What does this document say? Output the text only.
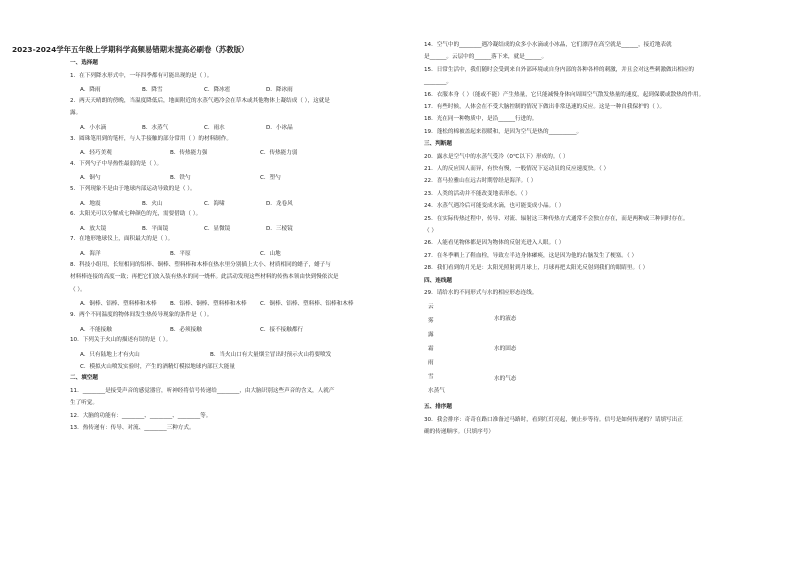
2023-2024学年五年级上学期科学高频易错期末提高必刷卷（苏教版）
一、选择题
1．在下列降水形式中，一年四季都有可能出现的是（ ）。
A．降雨	B．降雪	C．降冰雹	D．降冰雨
2．两天天晴朗的傍晚，当温度降低后，地面附近的水蒸气遇冷会在草木或其他物体上凝结成（ ），这就是
露。
A．小水滴	B．水蒸气	C．雨水	D．小冰晶
3．圆珠笔用到的笔杆，与人手接触的部分常用（ ）的材料制作。
A．轻巧美观	B．传热能力强	C．传热能力弱
4．下列勺子中导热性最弱的是（ ）。
A．铜勺	B．铁勺	C．塑勺
5．下列现象不是由于地球内部运动导致的是（ ）。
A．地震	B．火山	C．海啸	D．龙卷风
6．太阳光可以分解成七种颜色的光，需要借助（ ）。
A．放大镜	B．平面镜	C．显微镜	D．三棱镜
7．在地形地球仪上，面积最大的是（ ）。
A．海洋	B．平原	C．山地
8．科技小组用，长短相同的铝棒、铜棒、塑料棒和木棒在热水里分别插上大小、材质相同的蜡子，蜡子与
材料棒连接的高度一致；再把它们放入装有热水的同一烧杯。此活动发现这些材料的传热本领由快到慢依次是
（ ）。
A．铜棒、铝棒、塑料棒和木棒 B．铝棒、铜棒、塑料棒和木棒 C．铜棒、铝棒、塑料棒、铝棒和木棒
9．两个不同温度的物体间发生热传导现象的条件是（ ）。
A．不能接触	B．必须接触	C．接不接触都行
10．下列关于火山的描述有误的是（ ）。
A．只有陆地上才有火山	B．当火山口有大量烟尘冒出时预示火山将要喷发
C．模拟火山喷发实验时，产生的酒精灯模拟地球内部巨大能量
二、填空题
11．________是接受声音的感觉器官，听神经将信号传递给________，由大脑识别这些声音的含义，人就产
生了听觉。
12．大脑的功能有：________、________、________等。
13．热传递有：传导、对流、________三种方式。
14．空气中的________遇冷凝结成的众多小水滴或小冰晶，它们漂浮在高空就是______，接近地表就
是______。云层中的______落下来，就是______。
15．日常生活中，我们随时会受到来自外部环境或自身内部的各种各样的刺激，并且会对这些刺激做出相应的
________。
16．衣服本身（ ）（能或不能）产生热量，它只能减慢身体向周围空气散发热量的速度，起到保暖或散热的作用。
17．有些时候，人体会在不受大脑控制的情况下做出非常迅速的反应。这是一种自我保护的（ ）。
18．光在同一种物质中，是沿______行进的。
19．蓬松的棉被盖起来很暖和，是因为空气是热的__________。
三、判断题
20．露水是空气中的水蒸气受冷（0℃以下）形成的。（ ）
21．人的反应因人而异，有快有慢，一般情况下运动员的反应速度快。（ ）
22．喜马拉雅山在远古时期曾经是海洋。（ ）
23．人类的活动并不能改变地表形态。（ ）
24．水蒸气遇冷后可能变成水滴，也可能变成小晶。（ ）
25．在实际传热过程中，传导、对流、辐射这三种传热方式通常不会独立存在，而是两种或三种同时存在。
（ ）
26．人能看见物体都是因为物体的反射光进入人眼。（ ）
27．在冬季晒上了鞋血栓，导致左半边身体瘫痪，这是因为他的右脑发生了梗塞。（ ）
28．我们看到的月光是：太阳光照射到月球上，月球再把太阳光反射到我们的眼睛里。（ ）
四、连线题
29．请给水的不同形式与水的相应形态连线。
云
雾
露
霜
雨
雪
水蒸气
水的液态
水的固态
水的气态
五、排序题
30．我会排序：奇奇在路口准备过马路时，看到红灯亮起，便止步等待。信号是如何传递的？请填写出正
确的传递顺序。（只填序号）
